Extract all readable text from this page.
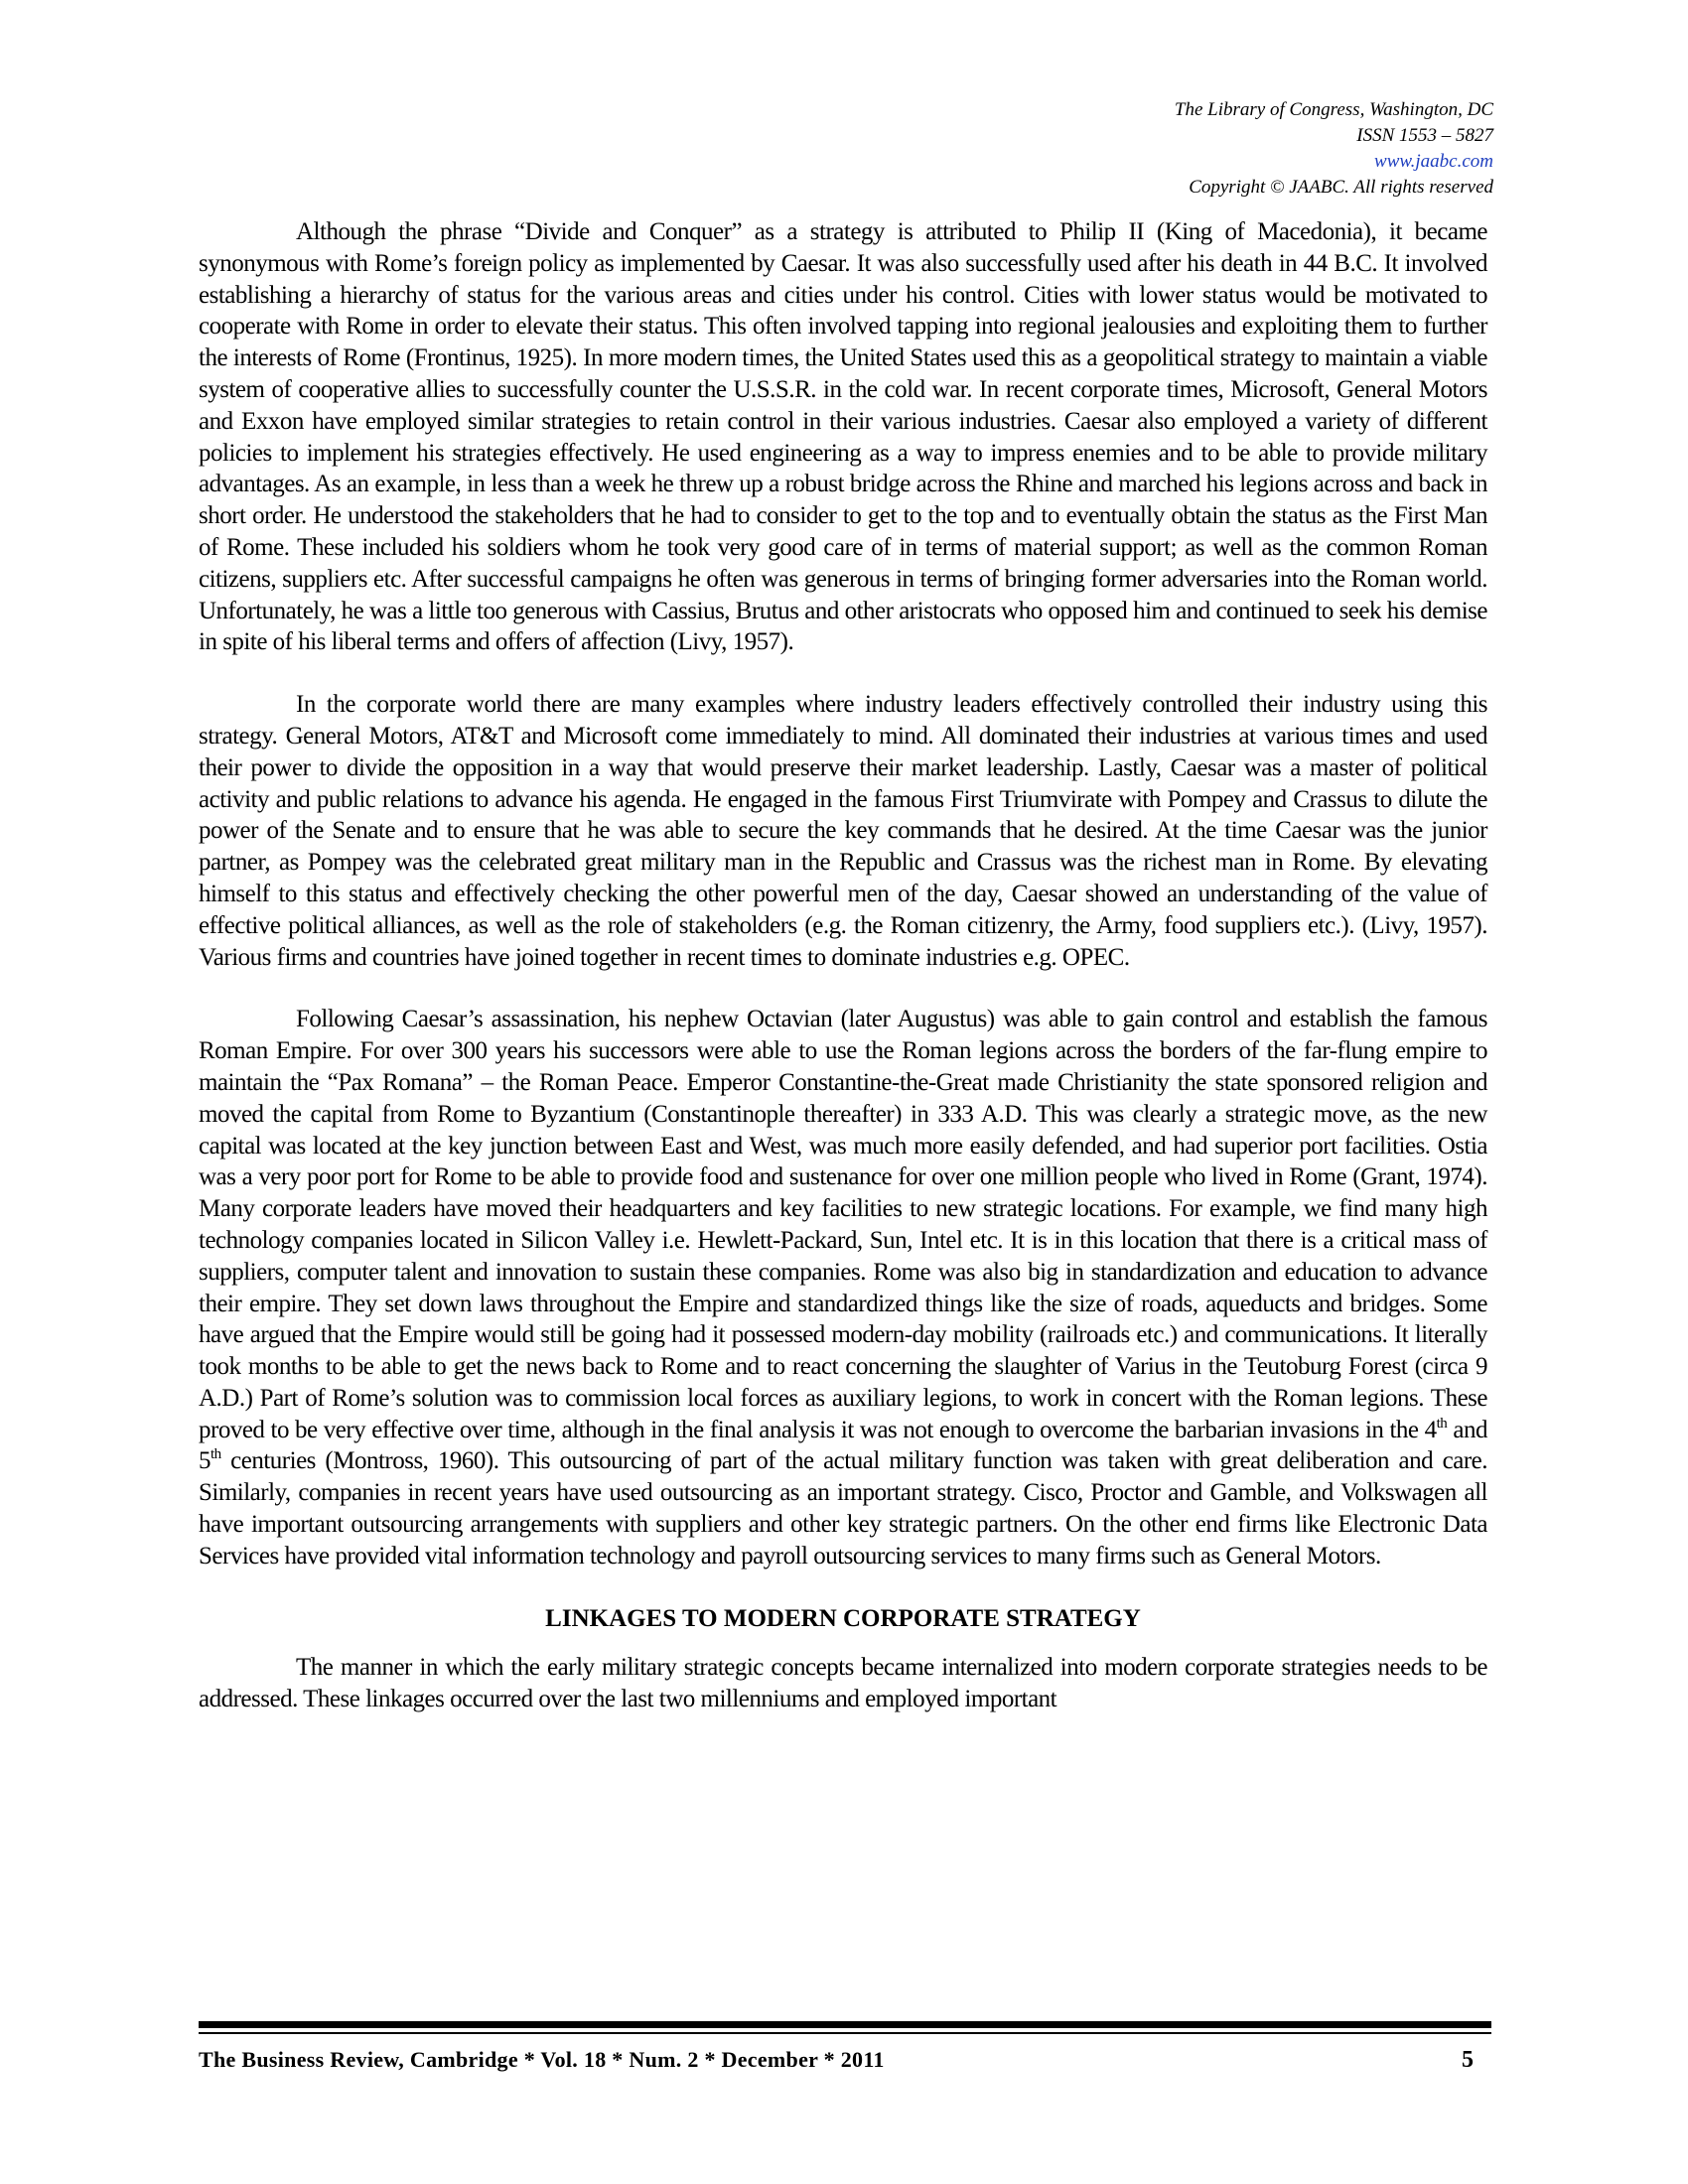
The Library of Congress, Washington, DC
ISSN 1553 – 5827
www.jaabc.com
Copyright © JAABC. All rights reserved

Although the phrase “Divide and Conquer” as a strategy is attributed to Philip II (King of Macedonia), it became synonymous with Rome’s foreign policy as implemented by Caesar. It was also successfully used after his death in 44 B.C. It involved establishing a hierarchy of status for the various areas and cities under his control. Cities with lower status would be motivated to cooperate with Rome in order to elevate their status. This often involved tapping into regional jealousies and exploiting them to further the interests of Rome (Frontinus, 1925). In more modern times, the United States used this as a geopolitical strategy to maintain a viable system of cooperative allies to successfully counter the U.S.S.R. in the cold war. In recent corporate times, Microsoft, General Motors and Exxon have employed similar strategies to retain control in their various industries. Caesar also employed a variety of different policies to implement his strategies effectively. He used engineering as a way to impress enemies and to be able to provide military advantages. As an example, in less than a week he threw up a robust bridge across the Rhine and marched his legions across and back in short order. He understood the stakeholders that he had to consider to get to the top and to eventually obtain the status as the First Man of Rome. These included his soldiers whom he took very good care of in terms of material support; as well as the common Roman citizens, suppliers etc. After successful campaigns he often was generous in terms of bringing former adversaries into the Roman world. Unfortunately, he was a little too generous with Cassius, Brutus and other aristocrats who opposed him and continued to seek his demise in spite of his liberal terms and offers of affection (Livy, 1957).

In the corporate world there are many examples where industry leaders effectively controlled their industry using this strategy. General Motors, AT&T and Microsoft come immediately to mind. All dominated their industries at various times and used their power to divide the opposition in a way that would preserve their market leadership. Lastly, Caesar was a master of political activity and public relations to advance his agenda. He engaged in the famous First Triumvirate with Pompey and Crassus to dilute the power of the Senate and to ensure that he was able to secure the key commands that he desired. At the time Caesar was the junior partner, as Pompey was the celebrated great military man in the Republic and Crassus was the richest man in Rome. By elevating himself to this status and effectively checking the other powerful men of the day, Caesar showed an understanding of the value of effective political alliances, as well as the role of stakeholders (e.g. the Roman citizenry, the Army, food suppliers etc.). (Livy, 1957). Various firms and countries have joined together in recent times to dominate industries e.g. OPEC.

Following Caesar’s assassination, his nephew Octavian (later Augustus) was able to gain control and establish the famous Roman Empire. For over 300 years his successors were able to use the Roman legions across the borders of the far-flung empire to maintain the “Pax Romana” – the Roman Peace. Emperor Constantine-the-Great made Christianity the state sponsored religion and moved the capital from Rome to Byzantium (Constantinople thereafter) in 333 A.D. This was clearly a strategic move, as the new capital was located at the key junction between East and West, was much more easily defended, and had superior port facilities. Ostia was a very poor port for Rome to be able to provide food and sustenance for over one million people who lived in Rome (Grant, 1974). Many corporate leaders have moved their headquarters and key facilities to new strategic locations. For example, we find many high technology companies located in Silicon Valley i.e. Hewlett-Packard, Sun, Intel etc. It is in this location that there is a critical mass of suppliers, computer talent and innovation to sustain these companies. Rome was also big in standardization and education to advance their empire. They set down laws throughout the Empire and standardized things like the size of roads, aqueducts and bridges. Some have argued that the Empire would still be going had it possessed modern-day mobility (railroads etc.) and communications. It literally took months to be able to get the news back to Rome and to react concerning the slaughter of Varius in the Teutoburg Forest (circa 9 A.D.) Part of Rome’s solution was to commission local forces as auxiliary legions, to work in concert with the Roman legions. These proved to be very effective over time, although in the final analysis it was not enough to overcome the barbarian invasions in the 4th and 5th centuries (Montross, 1960). This outsourcing of part of the actual military function was taken with great deliberation and care. Similarly, companies in recent years have used outsourcing as an important strategy. Cisco, Proctor and Gamble, and Volkswagen all have important outsourcing arrangements with suppliers and other key strategic partners. On the other end firms like Electronic Data Services have provided vital information technology and payroll outsourcing services to many firms such as General Motors.

LINKAGES TO MODERN CORPORATE STRATEGY

The manner in which the early military strategic concepts became internalized into modern corporate strategies needs to be addressed. These linkages occurred over the last two millenniums and employed important

The Business Review, Cambridge * Vol. 18 * Num. 2 * December * 2011	5
